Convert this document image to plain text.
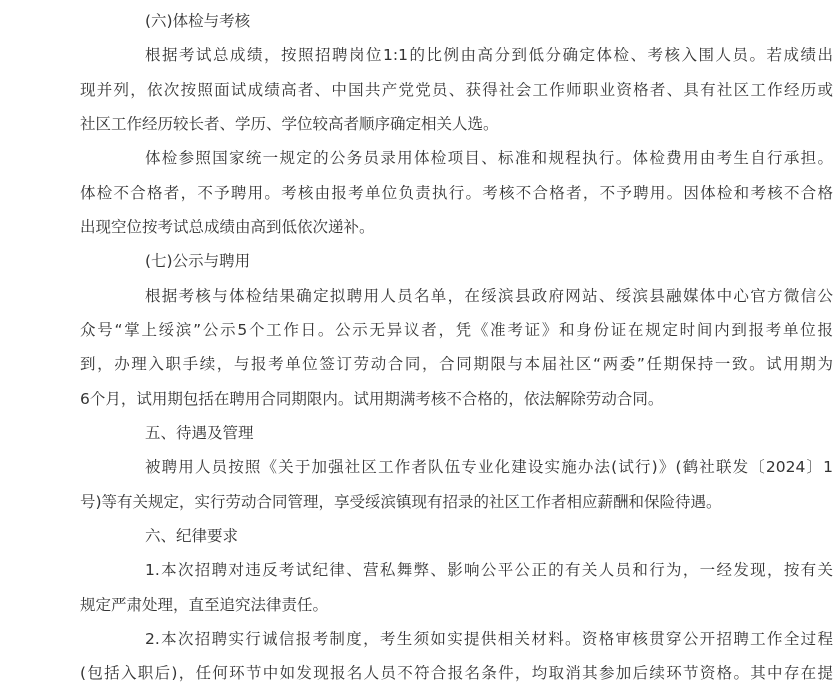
(六)体检与考核
根据考试总成绩，按照招聘岗位1:1的比例由高分到低分确定体检、考核入围人员。若成绩出
现并列，依次按照面试成绩高者、中国共产党党员、获得社会工作师职业资格者、具有社区工作经历或
社区工作经历较长者、学历、学位较高者顺序确定相关人选。
体检参照国家统一规定的公务员录用体检项目、标准和规程执行。体检费用由考生自行承担。
体检不合格者，不予聘用。考核由报考单位负责执行。考核不合格者，不予聘用。因体检和考核不合格
出现空位按考试总成绩由高到低依次递补。
(七)公示与聘用
根据考核与体检结果确定拟聘用人员名单，在绥滨县政府网站、绥滨县融媒体中心官方微信公
众号“掌上绥滨”公示5个工作日。公示无异议者，凭《准考证》和身份证在规定时间内到报考单位报
到，办理入职手续，与报考单位签订劳动合同，合同期限与本届社区“两委”任期保持一致。试用期为
6个月，试用期包括在聘用合同期限内。试用期满考核不合格的，依法解除劳动合同。
五、待遇及管理
被聘用人员按照《关于加强社区工作者队伍专业化建设实施办法(试行)》(鹤社联发〔2024〕1
号)等有关规定，实行劳动合同管理，享受绥滨镇现有招录的社区工作者相应薪酬和保险待遇。
六、纪律要求
1.本次招聘对违反考试纪律、营私舞弊、影响公平公正的有关人员和行为，一经发现，按有关
规定严肃处理，直至追究法律责任。
2.本次招聘实行诚信报考制度，考生须如实提供相关材料。资格审核贯穿公开招聘工作全过程
(包括入职后)，任何环节中如发现报名人员不符合报名条件，均取消其参加后续环节资格。其中存在提
